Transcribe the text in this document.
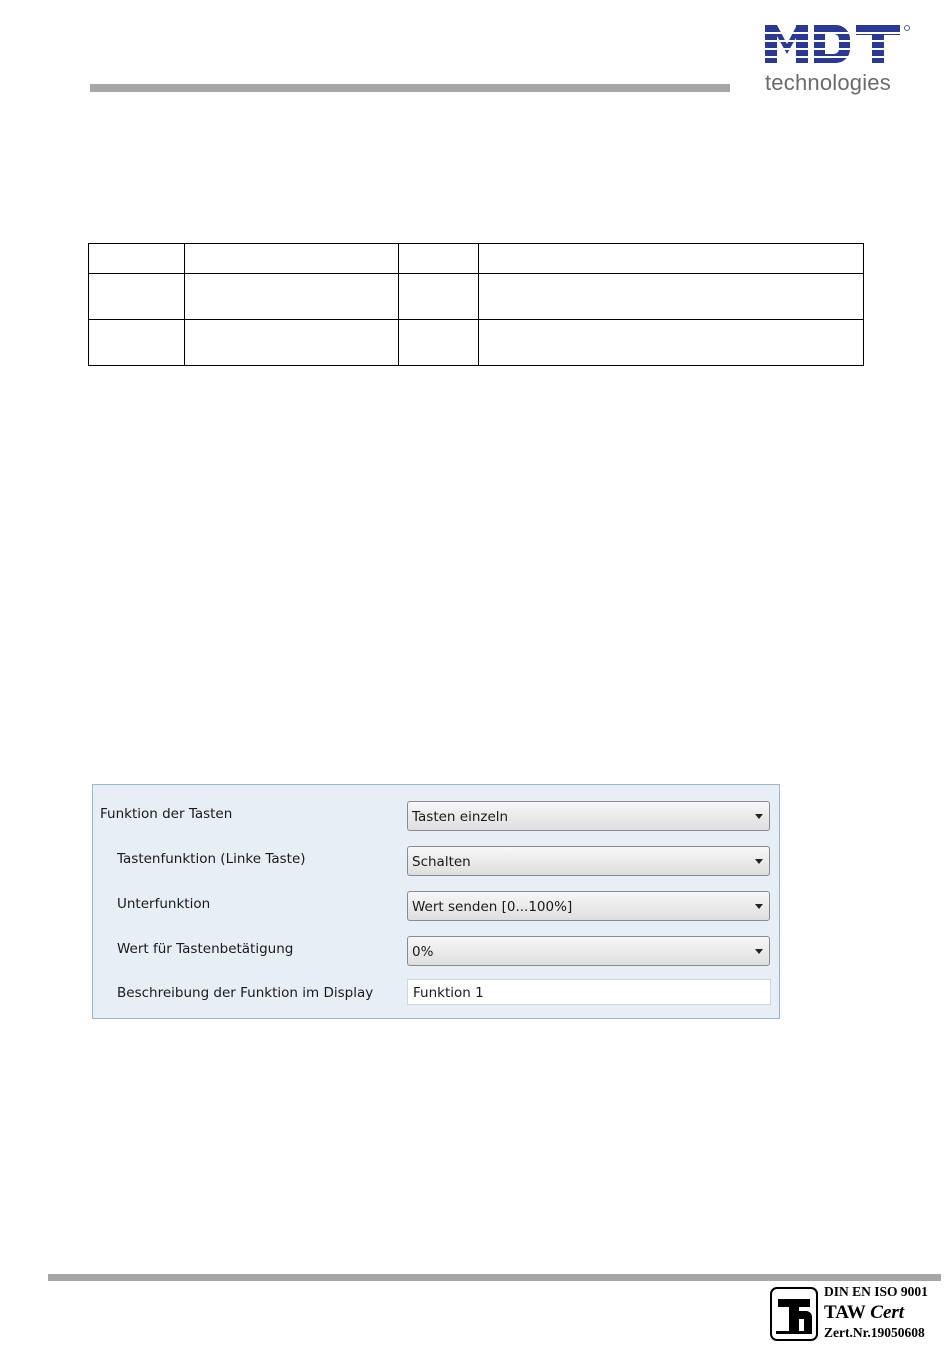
technologies

Funktion der Tasten	Tasten einzeln
Tastenfunktion (Linke Taste)	Schalten
Unterfunktion	Wert senden [0...100%]
Wert für Tastenbetätigung	0%
Beschreibung der Funktion im Display	Funktion 1
DIN EN ISO 9001
TAW Cert
Zert.Nr.19050608
